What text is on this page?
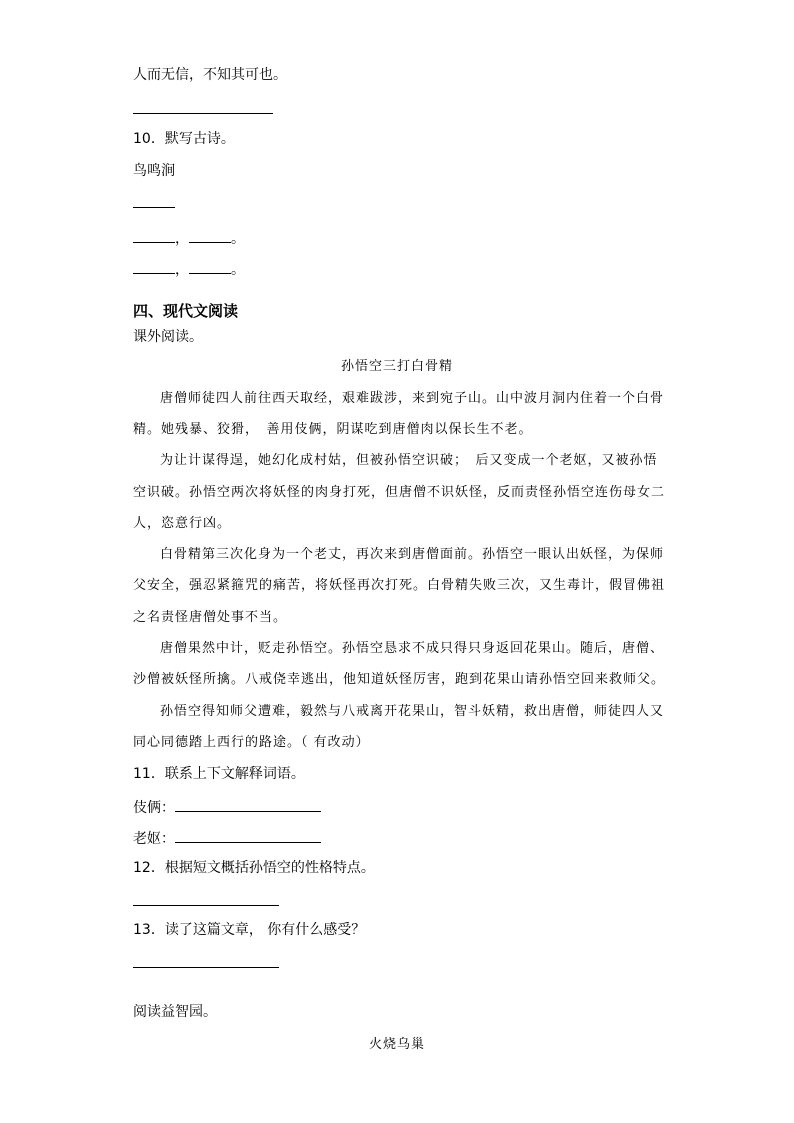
人而无信，不知其可也。
10．默写古诗。
鸟鸣涧
，	。
，	。
四、现代文阅读
课外阅读。
孙悟空三打白骨精
唐僧师徒四人前往西天取经，艰难跋涉，来到宛子山。山中波月洞内住着一个白骨
精。她残暴、狡猾，　善用伎俩，阴谋吃到唐僧肉以保长生不老。
为让计谋得逞，她幻化成村姑，但被孙悟空识破；　后又变成一个老妪，又被孙悟
空识破。孙悟空两次将妖怪的肉身打死，但唐僧不识妖怪，反而责怪孙悟空连伤母女二
人，恣意行凶。
白骨精第三次化身为一个老丈，再次来到唐僧面前。孙悟空一眼认出妖怪，为保师
父安全，强忍紧箍咒的痛苦，将妖怪再次打死。白骨精失败三次，又生毒计，假冒佛祖
之名责怪唐僧处事不当。
唐僧果然中计，贬走孙悟空。孙悟空恳求不成只得只身返回花果山。随后，唐僧、
沙僧被妖怪所擒。八戒侥幸逃出，他知道妖怪厉害，跑到花果山请孙悟空回来救师父。
孙悟空得知师父遭难，毅然与八戒离开花果山，智斗妖精，救出唐僧，师徒四人又
同心同德踏上西行的路途。（ 有改动）
11．联系上下文解释词语。
伎俩：
老妪：
12．根据短文概括孙悟空的性格特点。
13．读了这篇文章， 你有什么感受？
阅读益智园。
火烧乌巢
